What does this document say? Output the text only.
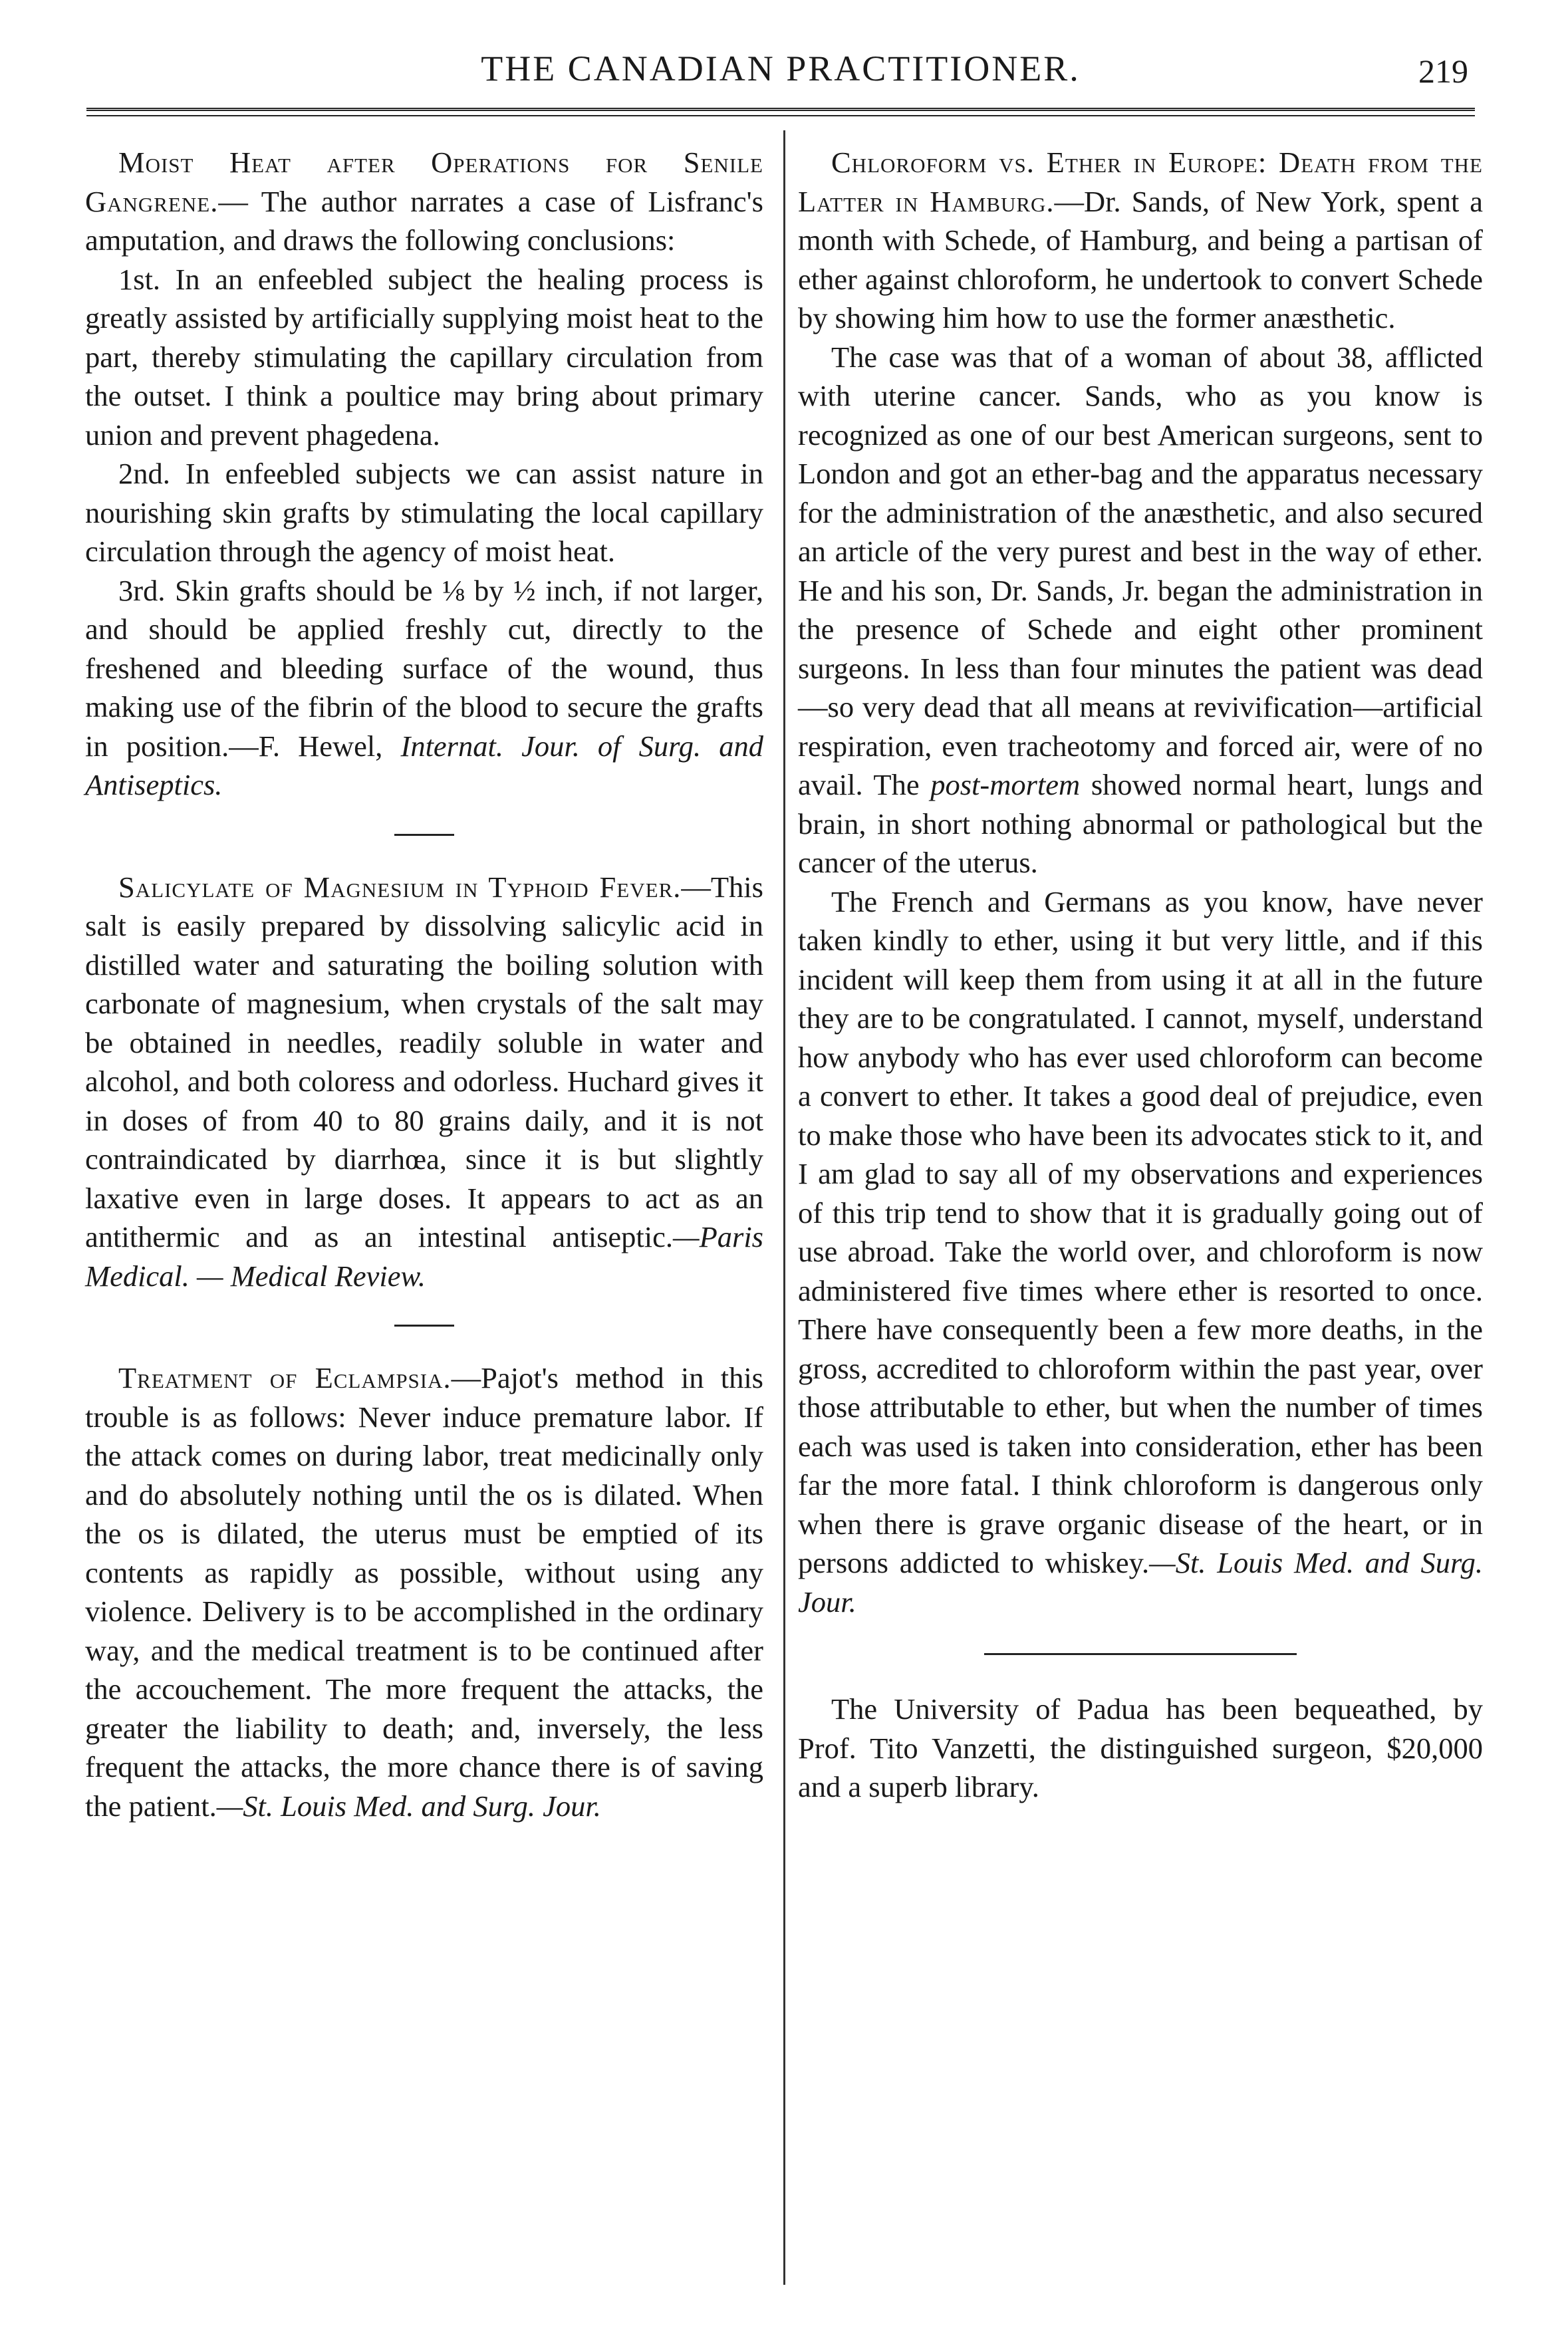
THE CANADIAN PRACTITIONER.	219

Moist Heat after Operations for Senile Gangrene.— The author narrates a case of Lisfranc's amputation, and draws the following conclusions:

1st. In an enfeebled subject the healing process is greatly assisted by artificially supplying moist heat to the part, thereby stimulating the capillary circulation from the outset. I think a poultice may bring about primary union and prevent phagedena.

2nd. In enfeebled subjects we can assist nature in nourishing skin grafts by stimulating the local capillary circulation through the agency of moist heat.

3rd. Skin grafts should be ⅛ by ½ inch, if not larger, and should be applied freshly cut, directly to the freshened and bleeding surface of the wound, thus making use of the fibrin of the blood to secure the grafts in position.—F. Hewel, Internat. Jour. of Surg. and Antiseptics.

Salicylate of Magnesium in Typhoid Fever.—This salt is easily prepared by dissolving salicylic acid in distilled water and saturating the boiling solution with carbonate of magnesium, when crystals of the salt may be obtained in needles, readily soluble in water and alcohol, and both coloress and odorless. Huchard gives it in doses of from 40 to 80 grains daily, and it is not contraindicated by diarrhœa, since it is but slightly laxative even in large doses. It appears to act as an antithermic and as an intestinal antiseptic.—Paris Medical. — Medical Review.

Treatment of Eclampsia.—Pajot's method in this trouble is as follows: Never induce premature labor. If the attack comes on during labor, treat medicinally only and do absolutely nothing until the os is dilated. When the os is dilated, the uterus must be emptied of its contents as rapidly as possible, without using any violence. Delivery is to be accomplished in the ordinary way, and the medical treatment is to be continued after the accouchement. The more frequent the attacks, the greater the liability to death; and, inversely, the less frequent the attacks, the more chance there is of saving the patient.—St. Louis Med. and Surg. Jour.

Chloroform vs. Ether in Europe: Death from the Latter in Hamburg.—Dr. Sands, of New York, spent a month with Schede, of Hamburg, and being a partisan of ether against chloroform, he undertook to convert Schede by showing him how to use the former anæsthetic.

The case was that of a woman of about 38, afflicted with uterine cancer. Sands, who as you know is recognized as one of our best American surgeons, sent to London and got an ether-bag and the apparatus necessary for the administration of the anæsthetic, and also secured an article of the very purest and best in the way of ether. He and his son, Dr. Sands, Jr. began the administration in the presence of Schede and eight other prominent surgeons. In less than four minutes the patient was dead—so very dead that all means at revivification—artificial respiration, even tracheotomy and forced air, were of no avail. The post-mortem showed normal heart, lungs and brain, in short nothing abnormal or pathological but the cancer of the uterus.

The French and Germans as you know, have never taken kindly to ether, using it but very little, and if this incident will keep them from using it at all in the future they are to be congratulated. I cannot, myself, understand how anybody who has ever used chloroform can become a convert to ether. It takes a good deal of prejudice, even to make those who have been its advocates stick to it, and I am glad to say all of my observations and experiences of this trip tend to show that it is gradually going out of use abroad. Take the world over, and chloroform is now administered five times where ether is resorted to once. There have consequently been a few more deaths, in the gross, accredited to chloroform within the past year, over those attributable to ether, but when the number of times each was used is taken into consideration, ether has been far the more fatal. I think chloroform is dangerous only when there is grave organic disease of the heart, or in persons addicted to whiskey.—St. Louis Med. and Surg. Jour.

The University of Padua has been bequeathed, by Prof. Tito Vanzetti, the distinguished surgeon, $20,000 and a superb library.
